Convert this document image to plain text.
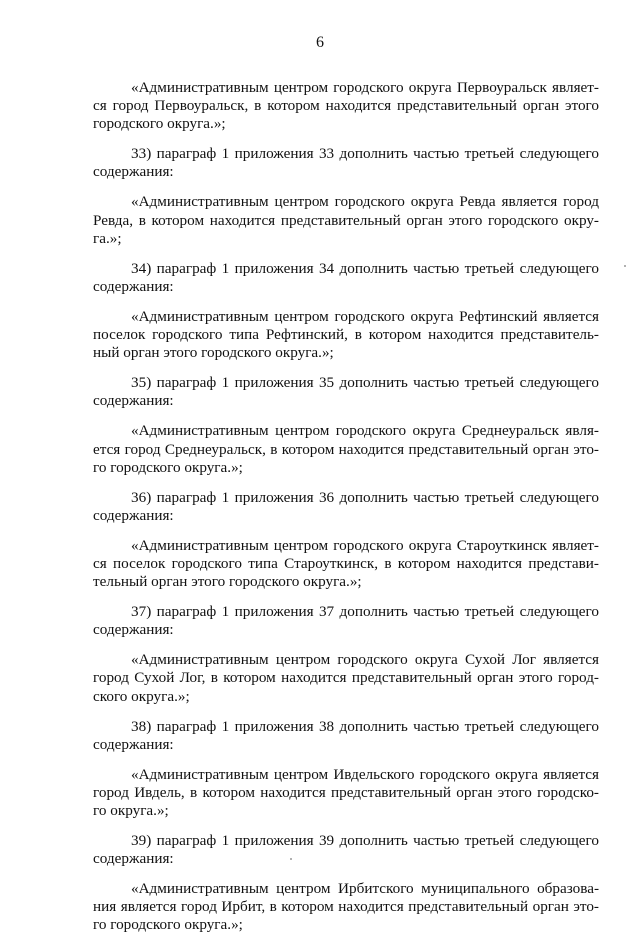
6
«Административным центром городского округа Первоуральск являет-
ся город Первоуральск, в котором находится представительный орган этого
городского округа.»;
33) параграф 1 приложения 33 дополнить частью третьей следующего
содержания:
«Административным центром городского округа Ревда является город
Ревда, в котором находится представительный орган этого городского окру-
га.»;
34) параграф 1 приложения 34 дополнить частью третьей следующего
содержания:
«Административным центром городского округа Рефтинский является
поселок городского типа Рефтинский, в котором находится представитель-
ный орган этого городского округа.»;
35) параграф 1 приложения 35 дополнить частью третьей следующего
содержания:
«Административным центром городского округа Среднеуральск явля-
ется город Среднеуральск, в котором находится представительный орган это-
го городского округа.»;
36) параграф 1 приложения 36 дополнить частью третьей следующего
содержания:
«Административным центром городского округа Староуткинск являет-
ся поселок городского типа Староуткинск, в котором находится представи-
тельный орган этого городского округа.»;
37) параграф 1 приложения 37 дополнить частью третьей следующего
содержания:
«Административным центром городского округа Сухой Лог является
город Сухой Лог, в котором находится представительный орган этого город-
ского округа.»;
38) параграф 1 приложения 38 дополнить частью третьей следующего
содержания:
«Административным центром Ивдельского городского округа является
город Ивдель, в котором находится представительный орган этого городско-
го округа.»;
39) параграф 1 приложения 39 дополнить частью третьей следующего
содержания:
«Административным центром Ирбитского муниципального образова-
ния является город Ирбит, в котором находится представительный орган это-
го городского округа.»;
